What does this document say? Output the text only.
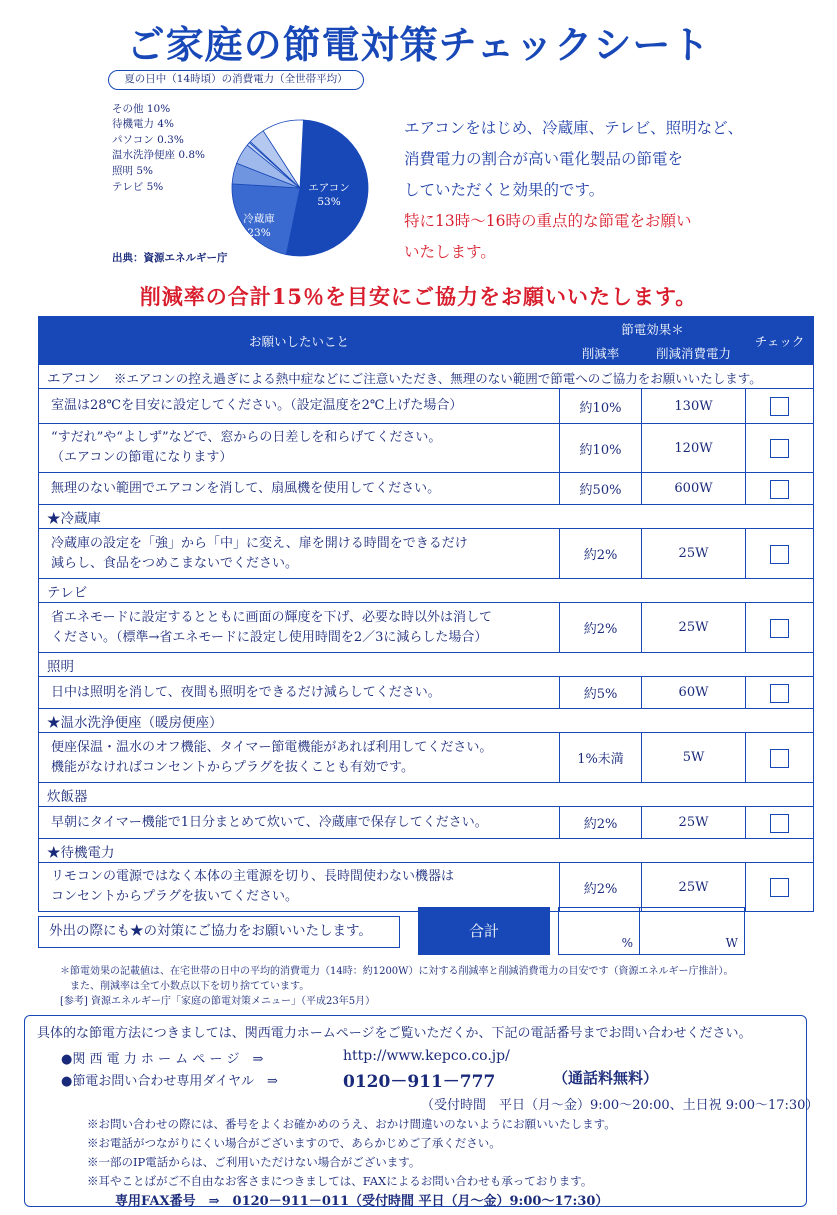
ご家庭の節電対策チェックシート
夏の日中（14時頃）の消費電力（全世帯平均）
その他 10%
待機電力 4%
パソコン 0.3%
温水洗浄便座 0.8%
照明 5%
テレビ 5%	エアコン
53%
冷蔵庫
23%
出典：資源エネルギー庁
エアコンをはじめ、冷蔵庫、テレビ、照明など、
消費電力の割合が高い電化製品の節電を
していただくと効果的です。
特に13時～16時の重点的な節電をお願い
いたします。
削減率の合計15％を目安にご協力をお願いいたします。
お願いしたいこと	節電効果＊		チェック
	削減率	削減消費電力	
エアコン　 ※エアコンの控え過ぎによる熱中症などにご注意いただき、無理のない範囲で節電へのご協力をお願いいたします。			
室温は28℃を目安に設定してください。（設定温度を2℃上げた場合）	約10%	130W	

“すだれ”や“よしず”などで、窓からの日差しを和らげてください。
（エアコンの節電になります）	約10%	120W	
無理のない範囲でエアコンを消して、扇風機を使用してください。	約50%	600W	
★冷蔵庫			

冷蔵庫の設定を「強」から「中」に変え、扉を開ける時間をできるだけ
減らし、食品をつめこまないでください。	約2%	25W	
テレビ			

省エネモードに設定するとともに画面の輝度を下げ、必要な時以外は消して
ください。（標準→省エネモードに設定し使用時間を2／3に減らした場合）	約2%	25W	
照明			
日中は照明を消して、夜間も照明をできるだけ減らしてください。	約5%	60W	
★温水洗浄便座（暖房便座）			

便座保温・温水のオフ機能、タイマー節電機能があれば利用してください。
機能がなければコンセントからプラグを抜くことも有効です。	1%未満	5W	
炊飯器			
早朝にタイマー機能で1日分まとめて炊いて、冷蔵庫で保存してください。	約2%	25W	
★待機電力			

リモコンの電源ではなく本体の主電源を切り、長時間使わない機器は
コンセントからプラグを抜いてください。	約2%	25W	
外出の際にも★の対策にご協力をお願いいたします。	合計
%	W
＊節電効果の記載値は、在宅世帯の日中の平均的消費電力（14時：約1200W）に対する削減率と削減消費電力の目安です（資源エネルギー庁推計）。
また、削減率は全て小数点以下を切り捨てています。
[参考] 資源エネルギー庁「家庭の節電対策メニュー」（平成23年5月）
具体的な節電方法につきましては、関西電力ホームページをご覧いただくか、下記の電話番号までお問い合わせください。
●関 西 電 力 ホ ー ム ペ ー ジ　⇒	http://www.kepco.co.jp/
●節電お問い合わせ専用ダイヤル　⇒	0120－911－777	（通話料無料）
（受付時間　平日（月～金）9:00～20:00、土日祝 9:00～17:30）
※お問い合わせの際には、番号をよくお確かめのうえ、おかけ間違いのないようにお願いいたします。
※お電話がつながりにくい場合がございますので、あらかじめご了承ください。
※一部のIP電話からは、ご利用いただけない場合がございます。
※耳やことばがご不自由なお客さまにつきましては、FAXによるお問い合わせも承っております。
専用FAX番号　⇒　0120－911－011（受付時間 平日（月～金）9:00～17:30）
